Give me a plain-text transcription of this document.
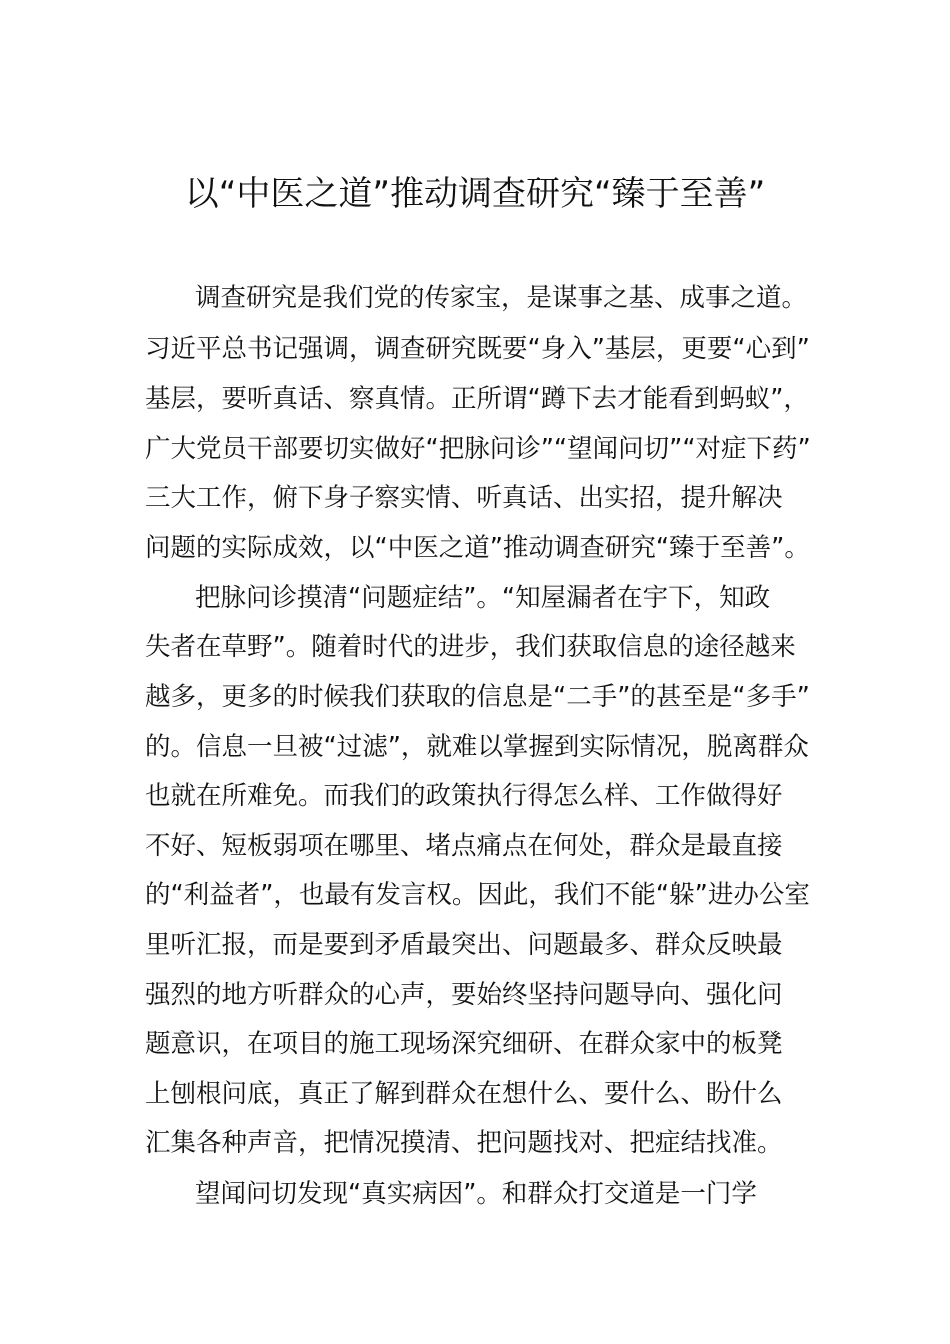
以“中医之道”推动调查研究“臻于至善”

调查研究是我们党的传家宝，是谋事之基、成事之道。

习近平总书记强调，调查研究既要“身入”基层，更要“心到”

基层，要听真话、察真情。正所谓“蹲下去才能看到蚂蚁”，

广大党员干部要切实做好“把脉问诊”“望闻问切”“对症下药”

三大工作，俯下身子察实情、听真话、出实招，提升解决

问题的实际成效，以“中医之道”推动调查研究“臻于至善”。

把脉问诊摸清“问题症结”。“知屋漏者在宇下，知政

失者在草野”。随着时代的进步，我们获取信息的途径越来

越多，更多的时候我们获取的信息是“二手”的甚至是“多手”

的。信息一旦被“过滤”，就难以掌握到实际情况，脱离群众

也就在所难免。而我们的政策执行得怎么样、工作做得好

不好、短板弱项在哪里、堵点痛点在何处，群众是最直接

的“利益者”，也最有发言权。因此，我们不能“躲”进办公室

里听汇报，而是要到矛盾最突出、问题最多、群众反映最

强烈的地方听群众的心声，要始终坚持问题导向、强化问

题意识，在项目的施工现场深究细研、在群众家中的板凳

上刨根问底，真正了解到群众在想什么、要什么、盼什么

汇集各种声音，把情况摸清、把问题找对、把症结找准。

望闻问切发现“真实病因”。和群众打交道是一门学
